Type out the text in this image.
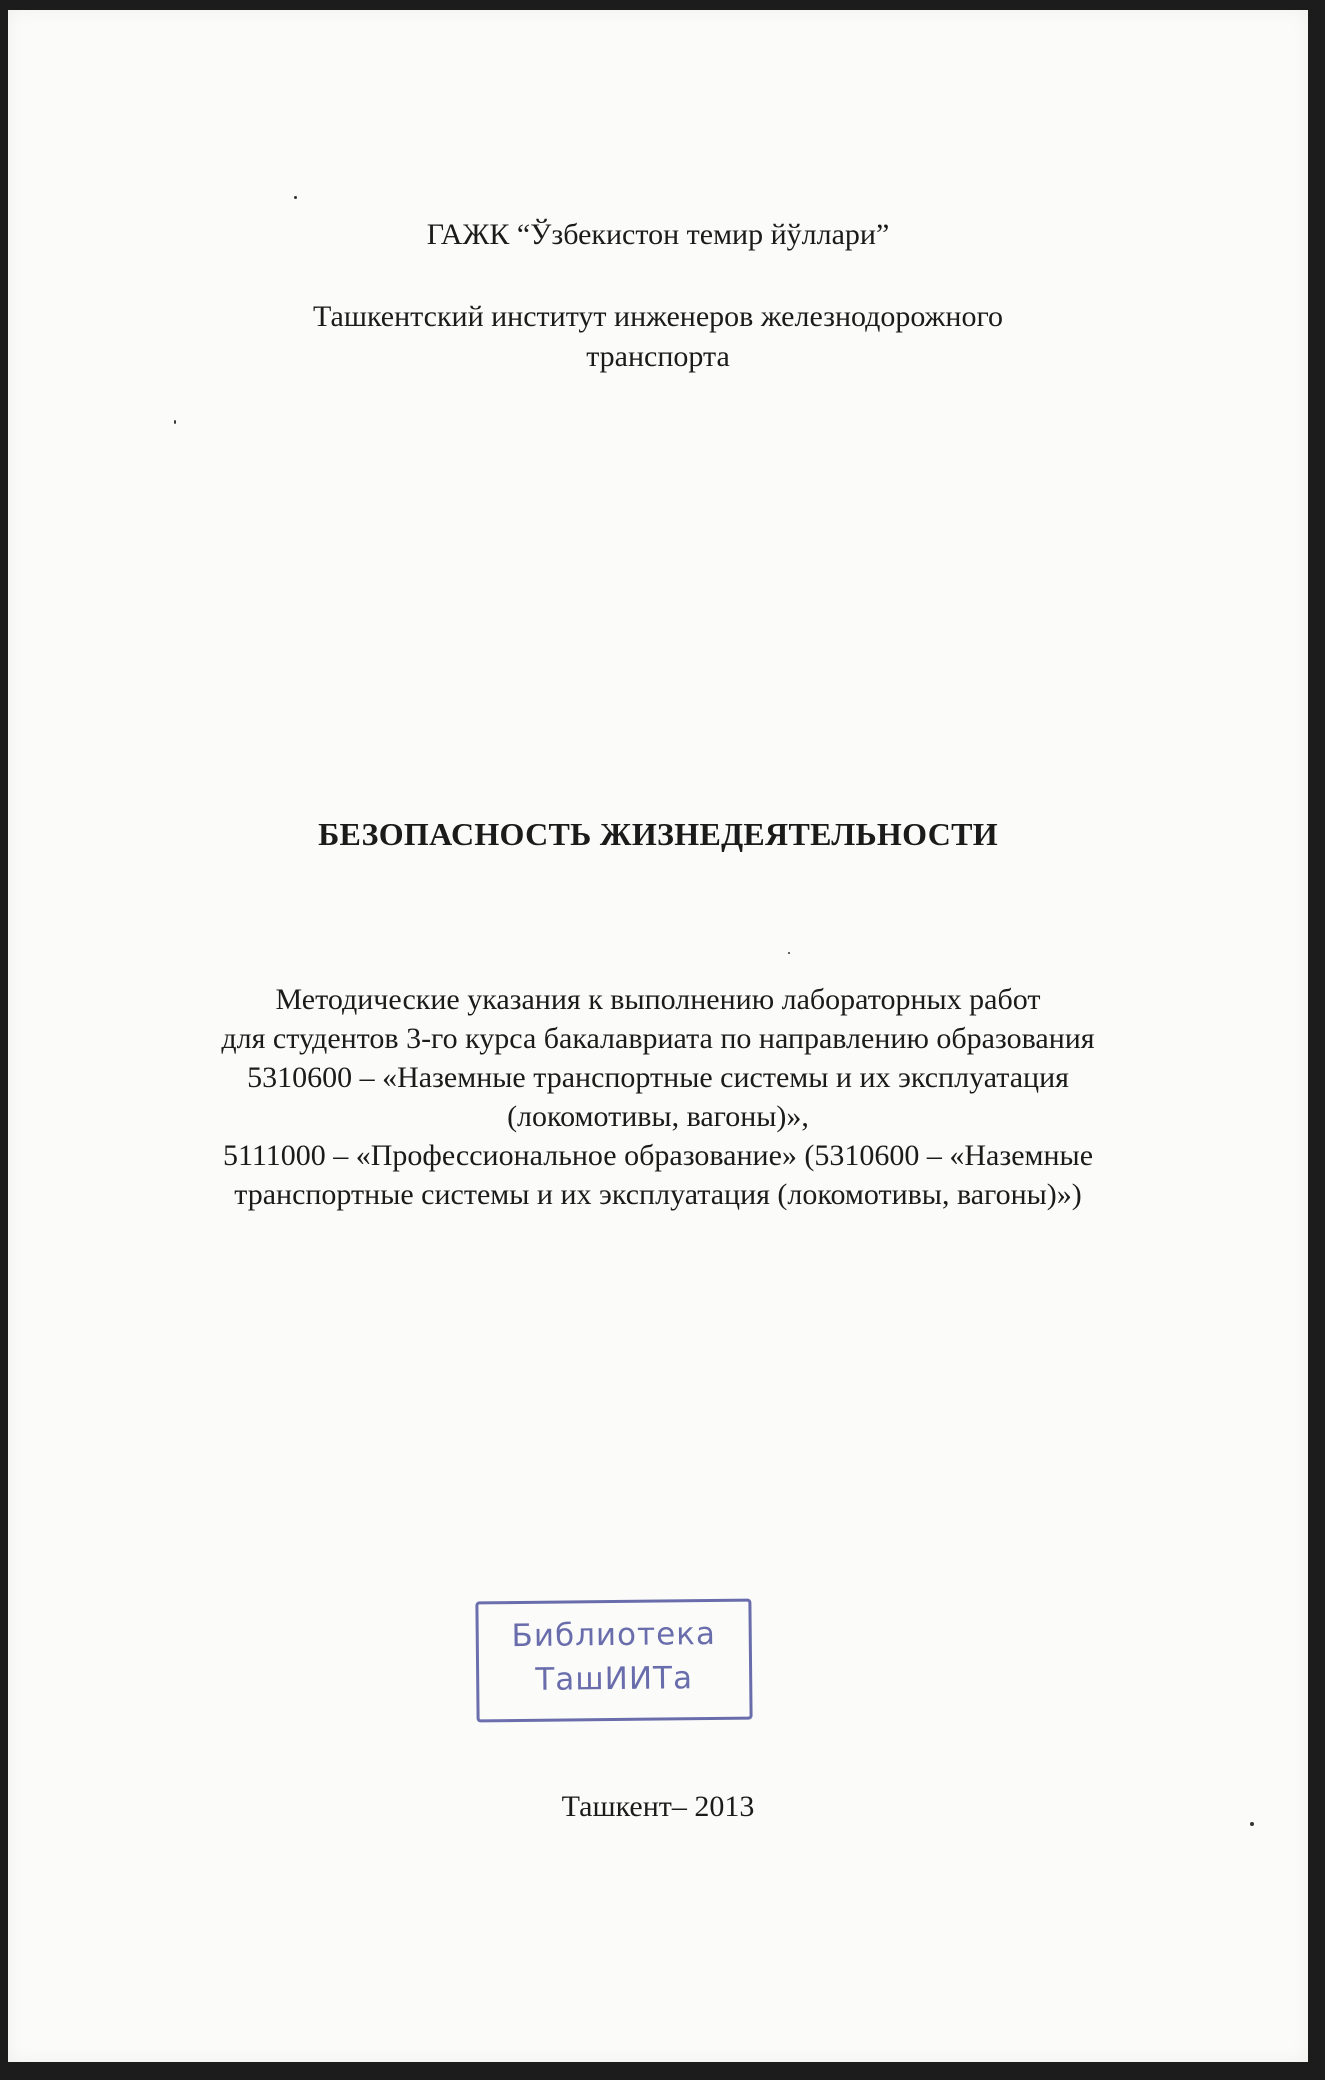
ГАЖК “Ўзбекистон темир йўллари”
Ташкентский институт инженеров железнодорожного
транспорта
БЕЗОПАСНОСТЬ ЖИЗНЕДЕЯТЕЛЬНОСТИ
Методические указания к выполнению лабораторных работ
для студентов 3-го курса бакалавриата по направлению образования
5310600 – «Наземные транспортные системы и их эксплуатация
(локомотивы, вагоны)»,
5111000 – «Профессиональное образование» (5310600 – «Наземные
транспортные системы и их эксплуатация (локомотивы, вагоны)»)
Библиотека
ТашИИТа
Ташкент– 2013
